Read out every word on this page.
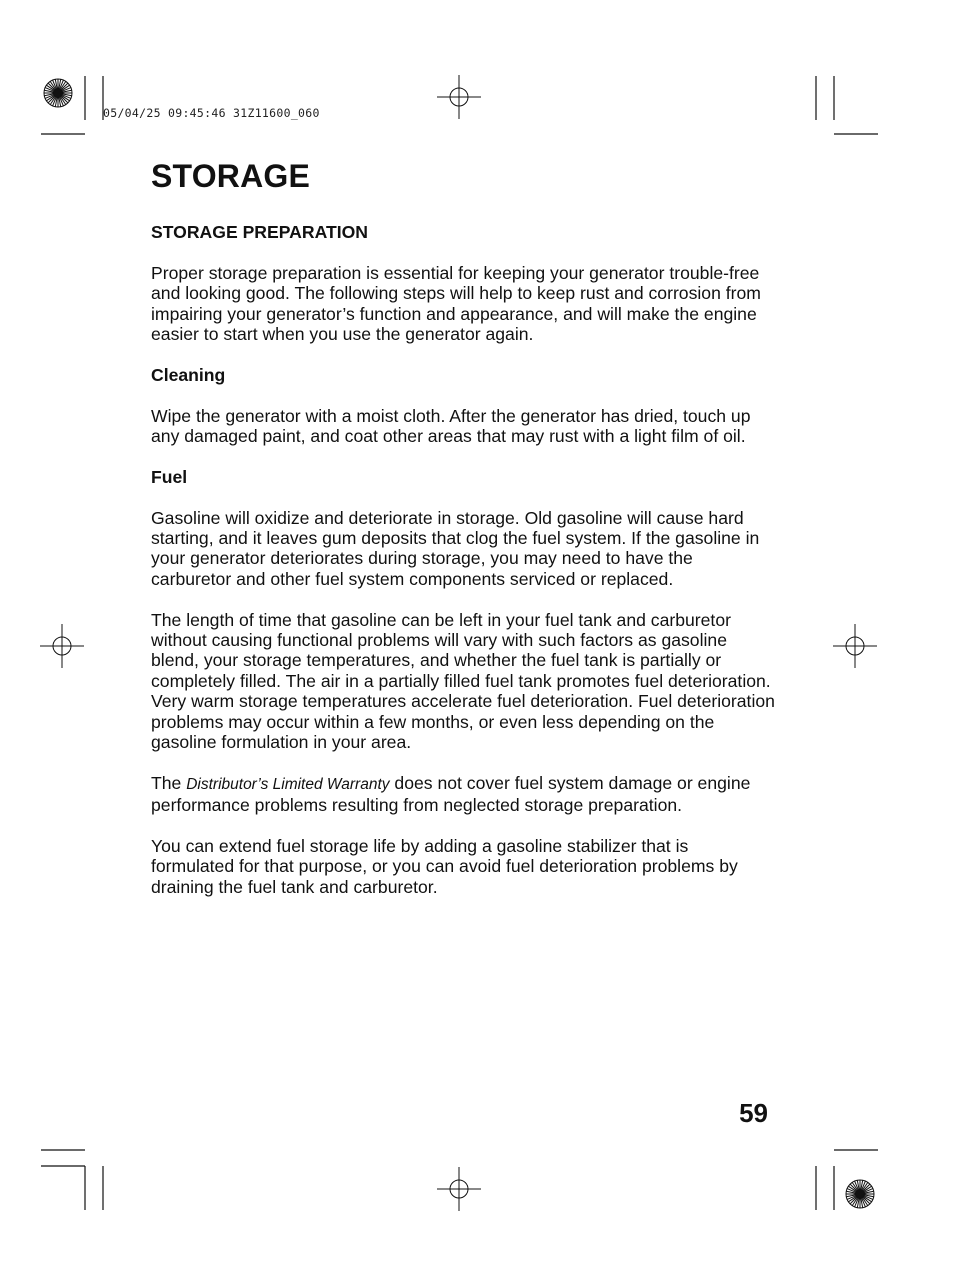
05/04/25 09:45:46 31Z11600_060
STORAGE
STORAGE PREPARATION

Proper storage preparation is essential for keeping your generator trouble-free and looking good. The following steps will help to keep rust and corrosion from impairing your generator’s function and appearance, and will make the engine easier to start when you use the generator again.

Cleaning

Wipe the generator with a moist cloth. After the generator has dried, touch up any damaged paint, and coat other areas that may rust with a light film of oil.

Fuel

Gasoline will oxidize and deteriorate in storage. Old gasoline will cause hard starting, and it leaves gum deposits that clog the fuel system. If the gasoline in your generator deteriorates during storage, you may need to have the carburetor and other fuel system components serviced or replaced.

The length of time that gasoline can be left in your fuel tank and carburetor without causing functional problems will vary with such factors as gasoline blend, your storage temperatures, and whether the fuel tank is partially or completely filled. The air in a partially filled fuel tank promotes fuel deterioration. Very warm storage temperatures accelerate fuel deterioration. Fuel deterioration problems may occur within a few months, or even less depending on the gasoline formulation in your area.

The Distributor’s Limited Warranty does not cover fuel system damage or engine performance problems resulting from neglected storage preparation.

You can extend fuel storage life by adding a gasoline stabilizer that is formulated for that purpose, or you can avoid fuel deterioration problems by draining the fuel tank and carburetor.

59
